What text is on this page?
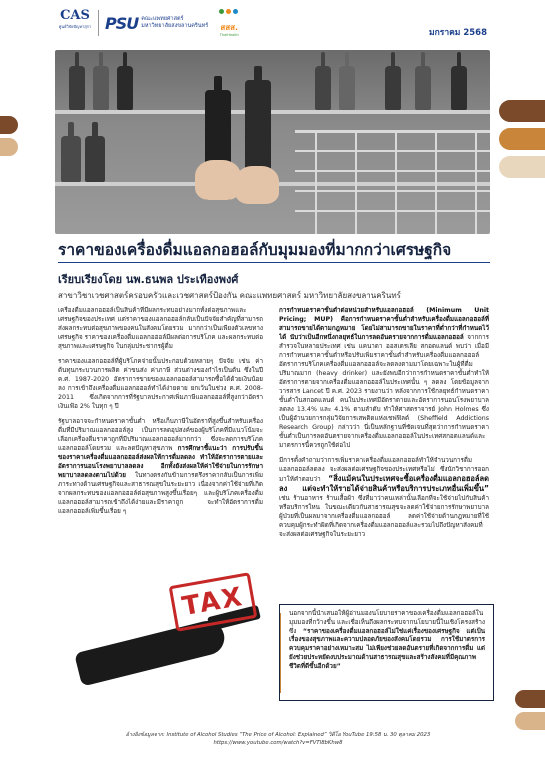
CAS
ศูนย์วิจัยปัญหาสุรา PSU คณะแพทยศาสตร์
มหาวิทยาลัยสงขลานครินทร์ สสส.
ThaiHealth	มกราคม 2568
ราคาของเครื่องดื่มแอลกอฮอล์กับมุมมองที่มากกว่าเศรษฐกิจ
เรียบเรียงโดย นพ.ธนพล ประเทืองพงศ์
สาขาวิชาเวชศาสตร์ครอบครัวและเวชศาสตร์ป้องกัน คณะแพทยศาสตร์ มหาวิทยาลัยสงขลานครินทร์

เครื่องดื่มแอลกอฮอล์เป็นสินค้าที่มีผลกระทบอย่างมากทั้งต่อสุขภาพและเศรษฐกิจของประเทศ แต่ราคาของแอลกอฮอล์กลับเป็นปัจจัยสำคัญที่สามารถส่งผลกระทบต่อสุขภาพของคนในสังคมโดยรวม มากกว่าเป็นเพียงตัวเลขทางเศรษฐกิจ ราคาของเครื่องดื่มแอลกอฮอล์มีผลต่อการบริโภค และผลกระทบต่อสุขภาพและเศรษฐกิจ ในกลุ่มประชากรผู้ดื่ม

ราคาของแอลกอฮอล์ที่ผู้บริโภคจ่ายนั้นประกอบด้วยหลายๆ ปัจจัย เช่น ค่าต้นทุนกระบวนการผลิต ค่าขนส่ง ค่าภาษี ส่วนต่างของกำไรเป็นต้น ซึ่งในปี ค.ศ. 1987-2020 อัตราการขายของแอลกอฮอล์สามารถซื้อได้ด้วยเงินน้อยลง การเข้าถึงเครื่องดื่มแอลกอฮอล์ทำได้ง่ายดาย ยกเว้นในช่วง ค.ศ. 2008-2011 ซึ่งเกิดจากการที่รัฐบาลประกาศเพิ่มภาษีแอลกอฮอล์ที่สูงกว่าอัตราเงินเฟ้อ 2% ในทุก ๆ ปี

รัฐบาลอาจจะกำหนดราคาขั้นต่ำ หรือเก็บภาษีในอัตราที่สูงขึ้นสำหรับเครื่องดื่มที่มีปริมาณแอลกอฮอล์สูง เป็นการลดอุปสงค์ของผู้บริโภคที่มีแนวโน้มจะเลือกเครื่องดื่มราคาถูกที่มีปริมาณแอลกอฮอล์มากกว่า ซึ่งจะลดการบริโภคแอลกอฮอล์โดยรวม และลดปัญหาสุขภาพ การศึกษาชี้แนะว่า การปรับขึ้นของราคาเครื่องดื่มแอลกอฮอล์ส่งผลให้การดื่มลดลง ทำให้อัตราการตายและอัตราการนอนโรงพยาบาลลดลง อีกทั้งยังส่งผลให้ค่าใช้จ่ายในการรักษาพยาบาลลดลงตามไปด้วย ในทางตรงกันข้ามการตรึงราคากลับเป็นการเพิ่มภาระทางด้านเศรษฐกิจและสาธารณสุขในระยะยาว เนื่องจากค่าใช้จ่ายที่เกิดจากผลกระทบของแอลกอฮอล์ต่อสุขภาพสูงขึ้นเรื่อยๆ และผู้บริโภคเครื่องดื่มแอลกอฮอล์สามารถเข้าถึงได้ง่ายและมีราคาถูก จะทำให้อัตราการดื่มแอลกอฮอล์เพิ่มขึ้นเรื่อย ๆ

TAX

การกำหนดราคาขั้นต่ำต่อหน่วยสำหรับแอลกอฮอล์ (Minimum Unit Pricing; MUP) คือการกำหนดราคาขั้นต่ำสำหรับเครื่องดื่มแอลกอฮอล์ที่สามารถขายได้ตามกฎหมาย โดยไม่สามารถขายในราคาที่ต่ำกว่าที่กำหนดไว้ได้ นับว่าเป็นอีกหนึ่งกลยุทธ์ในการลดอันตรายจากการดื่มแอลกอฮอล์ จากการสำรวจในหลายประเทศ เช่น แคนาดา ออสเตรเลีย สกอตแลนด์ พบว่า เมื่อมีการกำหนดราคาขั้นต่ำหรือปรับเพิ่มราคาขั้นต่ำสำหรับเครื่องดื่มแอลกอฮอล์ อัตราการบริโภคเครื่องดื่มแอลกอฮอล์จะลดลงตามมาโดยเฉพาะในผู้ที่ดื่มปริมาณมาก (heavy drinker) และยังพบอีกว่าการกำหนดราคาขั้นต่ำทำให้อัตราการตายจากเครื่องดื่มแอลกอฮอล์ในประเทศนั้น ๆ ลดลง โดยข้อมูลจากวารสาร Lancet ปี ค.ศ. 2023 รายงานว่า หลังจากการใช้กลยุทธ์กำหนดราคาขั้นต่ำในสกอตแลนด์ คนในประเทศมีอัตราตายและอัตราการนอนโรงพยาบาลลดลง 13.4% และ 4.1% ตามลำดับ ทำให้ศาสตราจารย์ John Holmes ซึ่งเป็นผู้อำนวยการกลุ่มวิจัยการเสพติดแห่งเชฟฟิลด์ (Sheffield Addictions Research Group) กล่าวว่า นี่เป็นหลักฐานที่ชัดเจนที่สุดว่าการกำหนดราคาขั้นต่ำเป็นการลดอันตรายจากเครื่องดื่มแอลกอฮอล์ในประเทศสกอตแลนด์และมาตรการนี้ควรถูกใช้ต่อไป

มีการตั้งคำถามว่าการเพิ่มราคาเครื่องดื่มแอลกอฮอล์ทำให้จำนวนการดื่มแอลกอฮอล์ลดลง จะส่งผลต่อเศรษฐกิจของประเทศหรือไม่ ซึ่งนักวิชาการออกมาให้คำตอบว่า “สิ่งแม้คนในประเทศจะซื้อเครื่องดื่มแอลกอฮอล์ลดลง แต่จะทำให้รายได้จ่ายสินค้าหรือบริการประเภทอื่นเพิ่มขึ้น” เช่น ร้านอาหาร ร้านเสื้อผ้า ซึ่งที่มาว่าคนเหล่านั้นเลือกที่จะใช้จ่ายไปกับสินค้าหรือบริการใหน ในขณะเดียวกันสาธารณสุขจะลดค่าใช้จ่ายการรักษาพยาบาลผู้ป่วยที่เป็นผลมาจากเครื่องดื่มแอลกอฮอล์ ลดค่าใช้จ่ายด้านกฎหมายที่ใช้ควบคุมผู้กระทำผิดที่เกิดจากเครื่องดื่มแอลกอฮอล์และรวมไปถึงปัญหาสังคมที่จะส่งผลต่อเศรษฐกิจในระยะยาว

นอกจากนี้นำเสนอให้ผู้อ่านมองนโยบายราคาของเครื่องดื่มแอลกอฮอล์ในมุมมองที่กว้างขึ้น และเชื่อเห็นถึงผลกระทบจากนโยบายนี้ในเชิงโครงสร้าง ซึ่ง “ราคาของเครื่องดื่มแอลกอฮอล์ไม่ใช่แค่เรื่องของเศรษฐกิจ แต่เป็นเรื่องของสุขภาพและความปลอดภัยของสังคมโดยรวม การใช้มาตรการควบคุมราคาอย่างเหมาะสม ไม่เพียงช่วยลดอันตรายที่เกิดจากการดื่ม แต่ยังช่วยประหยัดงบประมาณด้านสาธารณสุขและสร้างสังคมที่มีคุณภาพชีวิตที่ดีขึ้นอีกด้วย”
อ้างอิงข้อมูลจาก: Institute of Alcohol Studies “The Price of Alcohol: Explained” วิดีโอ YouTube 19:58 น. 30 ตุลาคม 2023
https://www.youtube.com/watch?v=FVTI8bKhw8
